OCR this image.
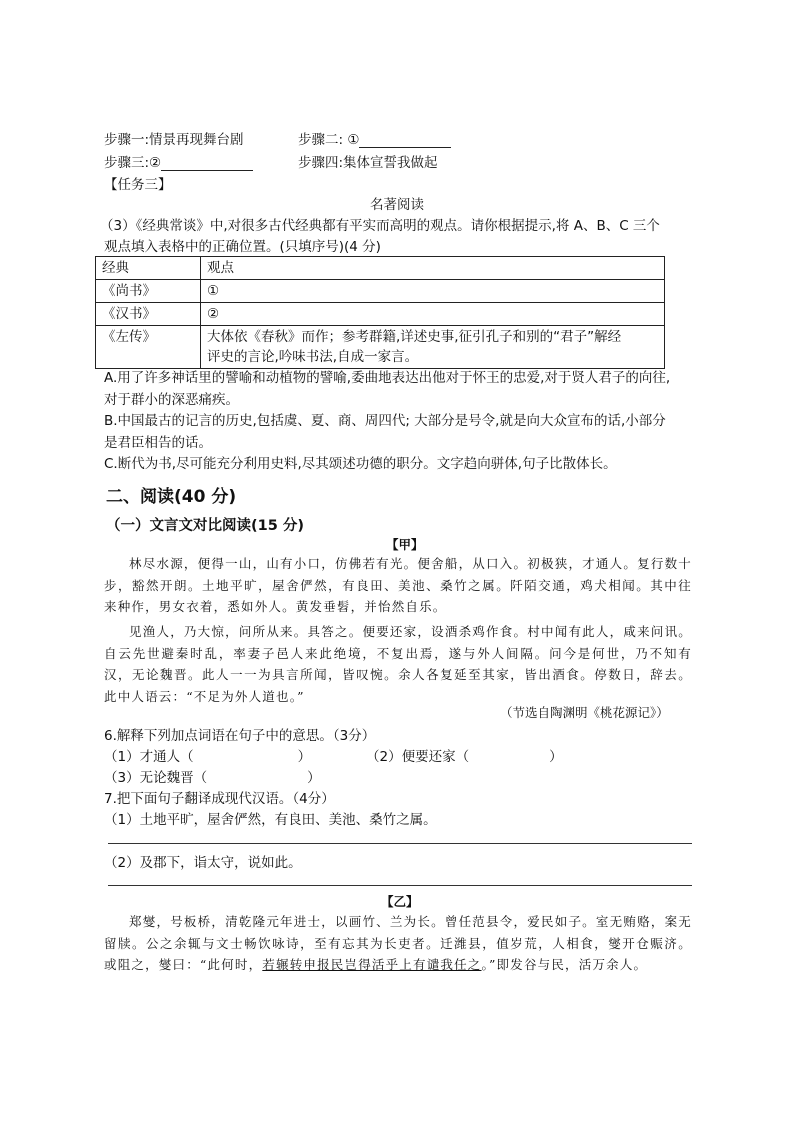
步骤一:情景再现舞台剧	步骤二: ①
步骤三:②	步骤四:集体宣誓我做起
【任务三】
名著阅读
（3）《经典常谈》中,对很多古代经典都有平实而高明的观点。请你根据提示,将 A、B、C 三个
观点填入表格中的正确位置。(只填序号)(4 分)
经典	观点
《尚书》	①
《汉书》	②
《左传》	大体依《春秋》而作；参考群籍,详述史事,征引孔子和别的“君子”解经
评史的言论,吟味书法,自成一家言。
A.用了许多神话里的譬喻和动植物的譬喻,委曲地表达出他对于怀王的忠爱,对于贤人君子的向往,
对于群小的深恶痛疾。
B.中国最古的记言的历史,包括虞、夏、商、周四代; 大部分是号令,就是向大众宣布的话,小部分
是君臣相告的话。
C.断代为书,尽可能充分利用史料,尽其颂述功德的职分。文字趋向骈体,句子比散体长。
二、阅读(40 分)
（一）文言文对比阅读(15 分)
【甲】
林尽水源，便得一山，山有小口，仿佛若有光。便舍船，从口入。初极狭，才通人。复行数十步，豁然开朗。土地平旷，屋舍俨然，有良田、美池、桑竹之属。阡陌交通，鸡犬相闻。其中往来种作，男女衣着，悉如外人。黄发垂髫，并怡然自乐。
见渔人，乃大惊，问所从来。具答之。便要还家，设酒杀鸡作食。村中闻有此人，咸来问讯。自云先世避秦时乱，率妻子邑人来此绝境，不复出焉，遂与外人间隔。问今是何世，乃不知有汉，无论魏晋。此人一一为具言所闻，皆叹惋。余人各复延至其家，皆出酒食。停数日，辞去。此中人语云：“不足为外人道也。”
（节选自陶渊明《桃花源记》）
6.解释下列加点词语在句子中的意思。（3分）
（1）才通人（	）	（2）便要还家（	）
（3）无论魏晋（	）
7.把下面句子翻译成现代汉语。（4分）
（1）土地平旷，屋舍俨然，有良田、美池、桑竹之属。
（2）及郡下，诣太守，说如此。
【乙】
郑燮，号板桥，清乾隆元年进士，以画竹、兰为长。曾任范县令，爱民如子。室无贿赂，案无留牍。公之余辄与文士畅饮咏诗，至有忘其为长吏者。迁潍县，值岁荒，人相食，燮开仓赈济。或阻之，燮曰：“此何时，若辗转申报民岂得活乎上有谴我任之。”即发谷与民，活万余人。
